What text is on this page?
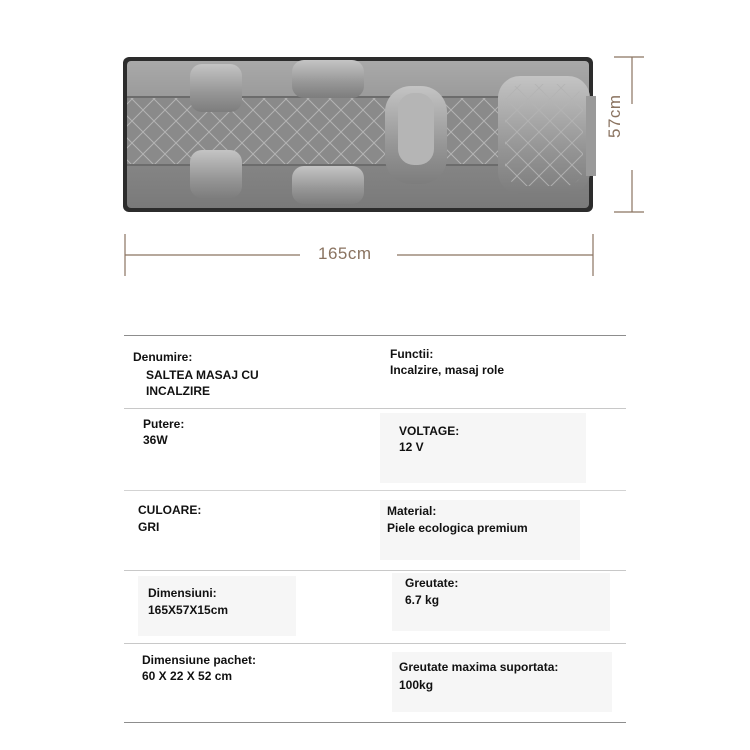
165cm
57cm
Denumire:
SALTEA MASAJ CU
INCALZIRE
Functii:
Incalzire, masaj role
Putere:
36W
VOLTAGE:
12 V
CULOARE:
GRI
Material:
Piele ecologica premium
Dimensiuni:
165X57X15cm
Greutate:
6.7 kg
Dimensiune pachet:
60 X 22 X 52 cm
Greutate maxima suportata:
100kg
